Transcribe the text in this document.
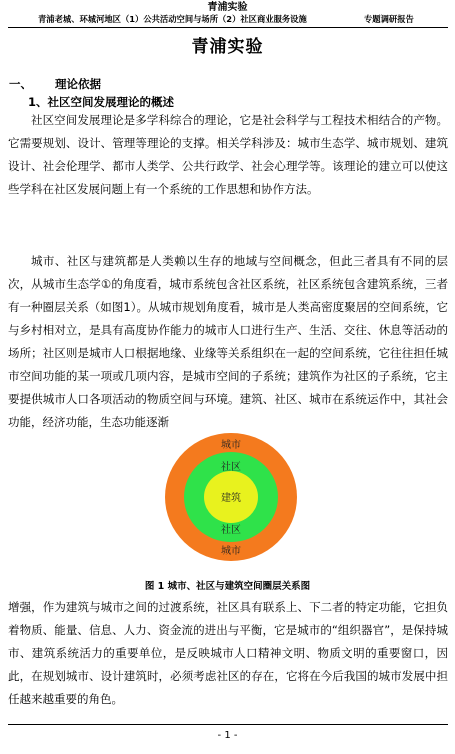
青浦实验
青浦老城、环城河地区（1）公共活动空间与场所（2）社区商业服务设施	专题调研报告
青浦实验
一、 理论依据
1、社区空间发展理论的概述

社区空间发展理论是多学科综合的理论，它是社会科学与工程技术相结合的产物。它需要规划、设计、管理等理论的支撑。相关学科涉及：城市生态学、城市规划、建筑设计、社会伦理学、都市人类学、公共行政学、社会心理学等。该理论的建立可以使这些学科在社区发展问题上有一个系统的工作思想和协作方法。

城市、社区与建筑都是人类赖以生存的地域与空间概念，但此三者具有不同的层次，从城市生态学①的角度看，城市系统包含社区系统，社区系统包含建筑系统，三者有一种圈层关系（如图1）。从城市规划角度看，城市是人类高密度聚居的空间系统，它与乡村相对立，是具有高度协作能力的城市人口进行生产、生活、交往、休息等活动的场所；社区则是城市人口根据地缘、业缘等关系组织在一起的空间系统，它往往担任城市空间功能的某一项或几项内容，是城市空间的子系统；建筑作为社区的子系统，它主要提供城市人口各项活动的物质空间与环境。建筑、社区、城市在系统运作中，其社会功能，经济功能，生态功能逐渐

城市
社区
建筑
社区
城市
图 1 城市、社区与建筑空间圈层关系图

增强，作为建筑与城市之间的过渡系统，社区具有联系上、下二者的特定功能，它担负着物质、能量、信息、人力、资金流的进出与平衡，它是城市的“组织器官”，是保持城市、建筑系统活力的重要单位，是反映城市人口精神文明、物质文明的重要窗口，因此，在规划城市、设计建筑时，必须考虑社区的存在，它将在今后我国的城市发展中担任越来越重要的角色。

- 1 -
